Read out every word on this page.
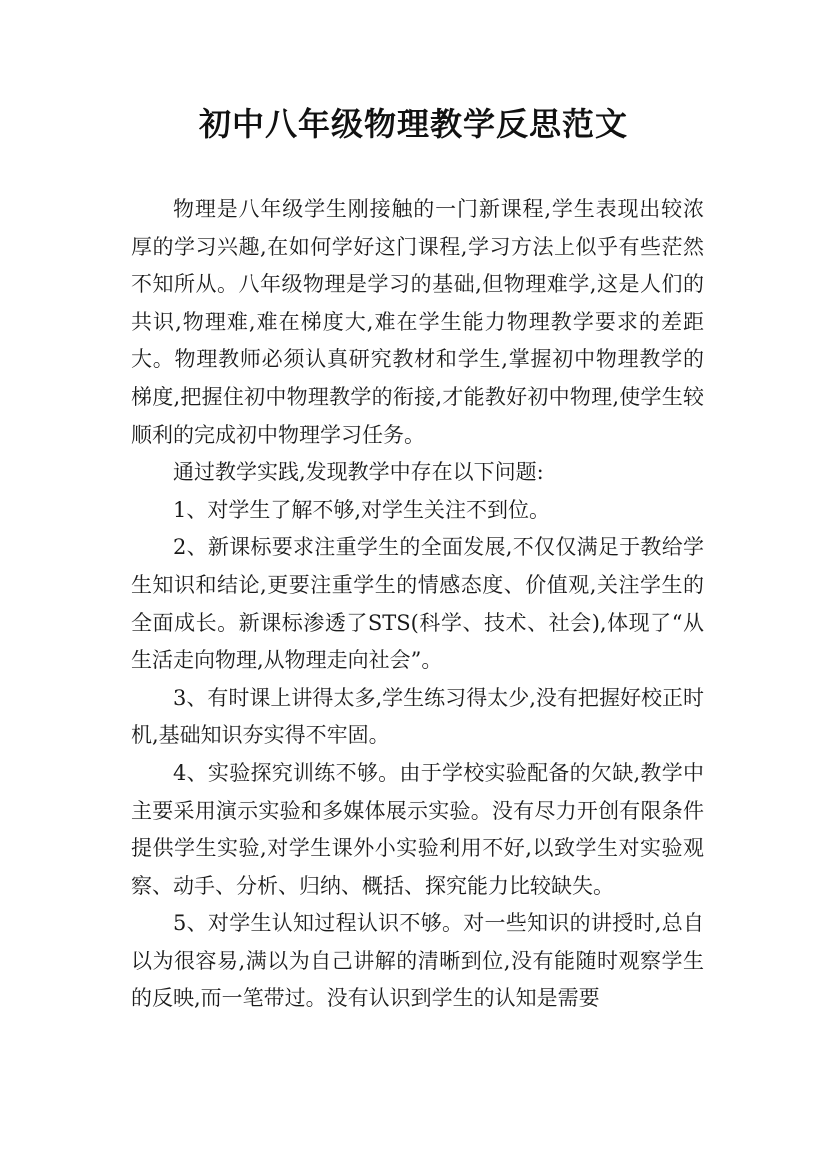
初中八年级物理教学反思范文

物理是八年级学生刚接触的一门新课程,学生表现出较浓厚的学习兴趣,在如何学好这门课程,学习方法上似乎有些茫然不知所从。八年级物理是学习的基础,但物理难学,这是人们的共识,物理难,难在梯度大,难在学生能力物理教学要求的差距大。物理教师必须认真研究教材和学生,掌握初中物理教学的梯度,把握住初中物理教学的衔接,才能教好初中物理,使学生较顺利的完成初中物理学习任务。

通过教学实践,发现教学中存在以下问题:

1、对学生了解不够,对学生关注不到位。

2、新课标要求注重学生的全面发展,不仅仅满足于教给学生知识和结论,更要注重学生的情感态度、价值观,关注学生的全面成长。新课标渗透了STS(科学、技术、社会),体现了“从生活走向物理,从物理走向社会”。

3、有时课上讲得太多,学生练习得太少,没有把握好校正时机,基础知识夯实得不牢固。

4、实验探究训练不够。由于学校实验配备的欠缺,教学中主要采用演示实验和多媒体展示实验。没有尽力开创有限条件提供学生实验,对学生课外小实验利用不好,以致学生对实验观察、动手、分析、归纳、概括、探究能力比较缺失。

5、对学生认知过程认识不够。对一些知识的讲授时,总自以为很容易,满以为自己讲解的清晰到位,没有能随时观察学生的反映,而一笔带过。没有认识到学生的认知是需要
